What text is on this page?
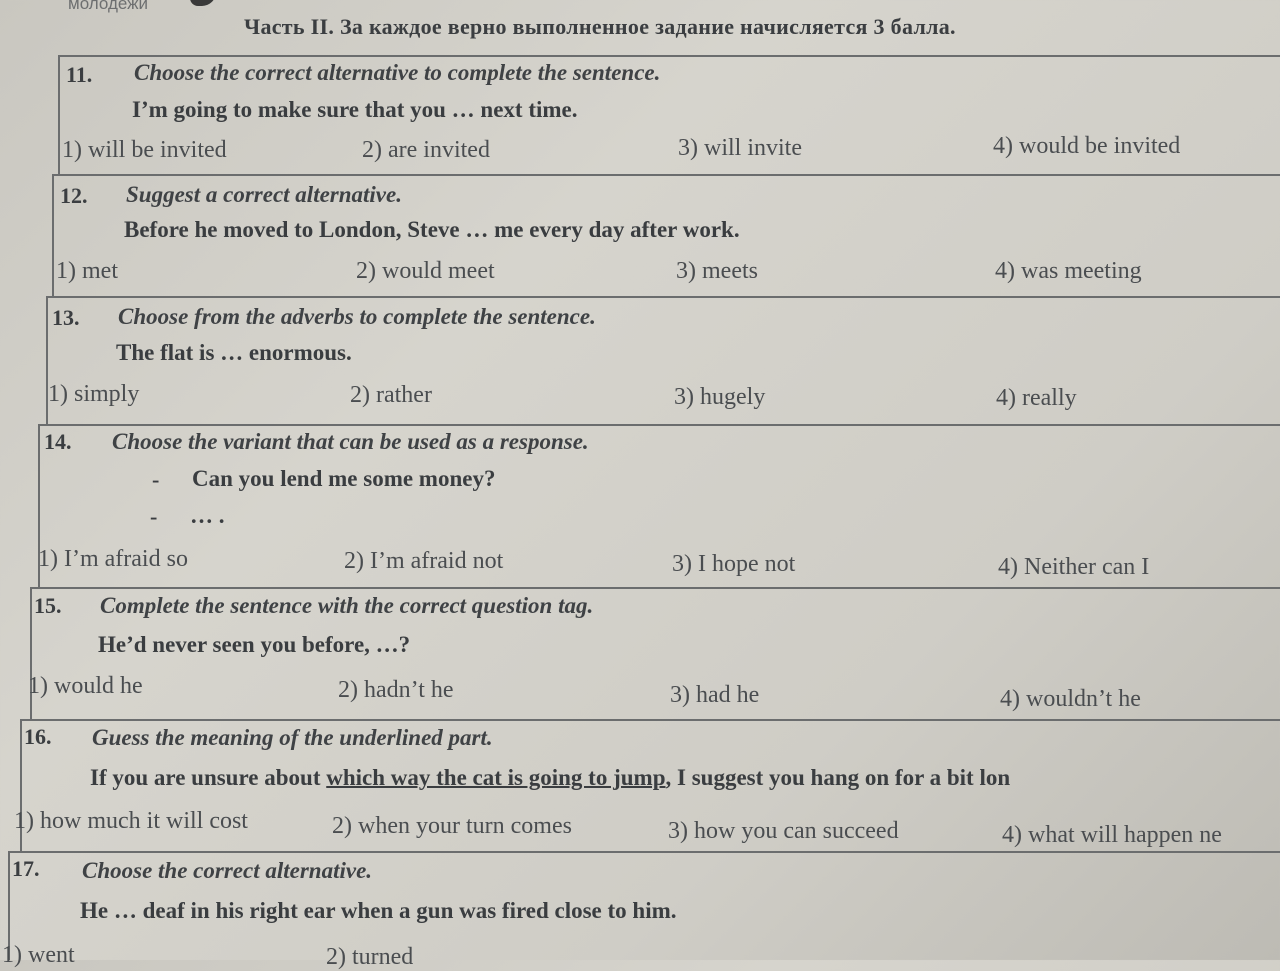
молодежи
Часть II. За каждое верно выполненное задание начисляется 3 балла.
11. Choose the correct alternative to complete the sentence.
I’m going to make sure that you … next time.
1) will be invited	2) are invited	3) will invite	4) would be invited
12. Suggest a correct alternative.
Before he moved to London, Steve … me every day after work.
1) met	2) would meet	3) meets	4) was meeting
13. Choose from the adverbs to complete the sentence.
The flat is … enormous.
1) simply	2) rather	3) hugely	4) really
14. Choose the variant that can be used as a response.
- Can you lend me some money?
- … .
1) I’m afraid so	2) I’m afraid not	3) I hope not	4) Neither can I
15. Complete the sentence with the correct question tag.
He’d never seen you before, …?
1) would he	2) hadn’t he	3) had he	4) wouldn’t he
16. Guess the meaning of the underlined part.
If you are unsure about which way the cat is going to jump, I suggest you hang on for a bit lon
1) how much it will cost	2) when your turn comes	3) how you can succeed	4) what will happen ne
17. Choose the correct alternative.
He … deaf in his right ear when a gun was fired close to him.
1) went	2) turned
